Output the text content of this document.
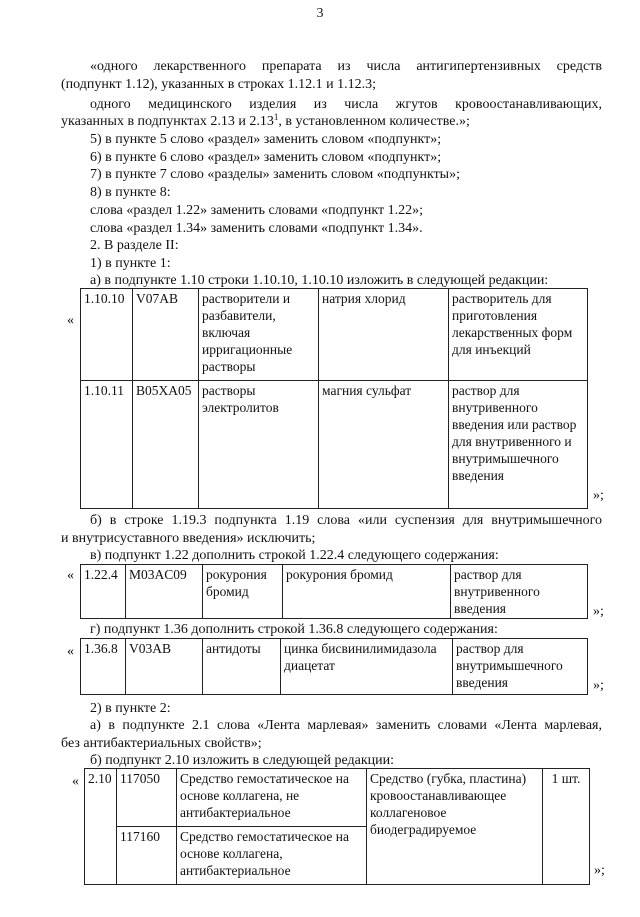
3
«одного лекарственного препарата из числа антигипертензивных средств
(подпункт 1.12), указанных в строках 1.12.1 и 1.12.3;
одного медицинского изделия из числа жгутов кровоостанавливающих,
указанных в подпунктах 2.13 и 2.13$^1$, в установленном количестве.»;
5) в пункте 5 слово «раздел» заменить словом «подпункт»;
6) в пункте 6 слово «раздел» заменить словом «подпункт»;
7) в пункте 7 слово «разделы» заменить словом «подпункты»;
8) в пункте 8:
слова «раздел 1.22» заменить словами «подпункт 1.22»;
слова «раздел 1.34» заменить словами «подпункт 1.34».
2. В разделе II:
1) в пункте 1:
а) в подпункте 1.10 строки 1.10.10, 1.10.10 изложить в следующей редакции:
«
1.10.10	V07AB	растворители и разбавители, включая ирригационные растворы	натрия хлорид	растворитель для приготовления лекарственных форм для инъекций
1.10.11	B05XA05	растворы электролитов	магния сульфат	раствор для внутривенного введения или раствор для внутривенного и внутримышечного введения
»;
б) в строке 1.19.3 подпункта 1.19 слова «или суспензия для внутримышечного
и внутрисуставного введения» исключить;
в) подпункт 1.22 дополнить строкой 1.22.4 следующего содержания:
« 1.22.4	M03AC09	рокурония бромид	рокурония бромид	раствор для внутривенного введения	»;
г) подпункт 1.36 дополнить строкой 1.36.8 следующего содержания:
« 1.36.8	V03AB	антидоты	цинка бисвинилимидазола диацетат	раствор для внутримышечного введения	»;
2) в пункте 2:
а) в подпункте 2.1 слова «Лента марлевая» заменить словами «Лента марлевая,
без антибактериальных свойств»;
б) подпункт 2.10 изложить в следующей редакции:
« 2.10	117050	Средство гемостатическое на основе коллагена, не антибактериальное	Средство (губка, пластина) кровоостанавливающее коллагеновое биодеградируемое	1 шт.
	117160	Средство гемостатическое на основе коллагена, антибактериальное			»;
